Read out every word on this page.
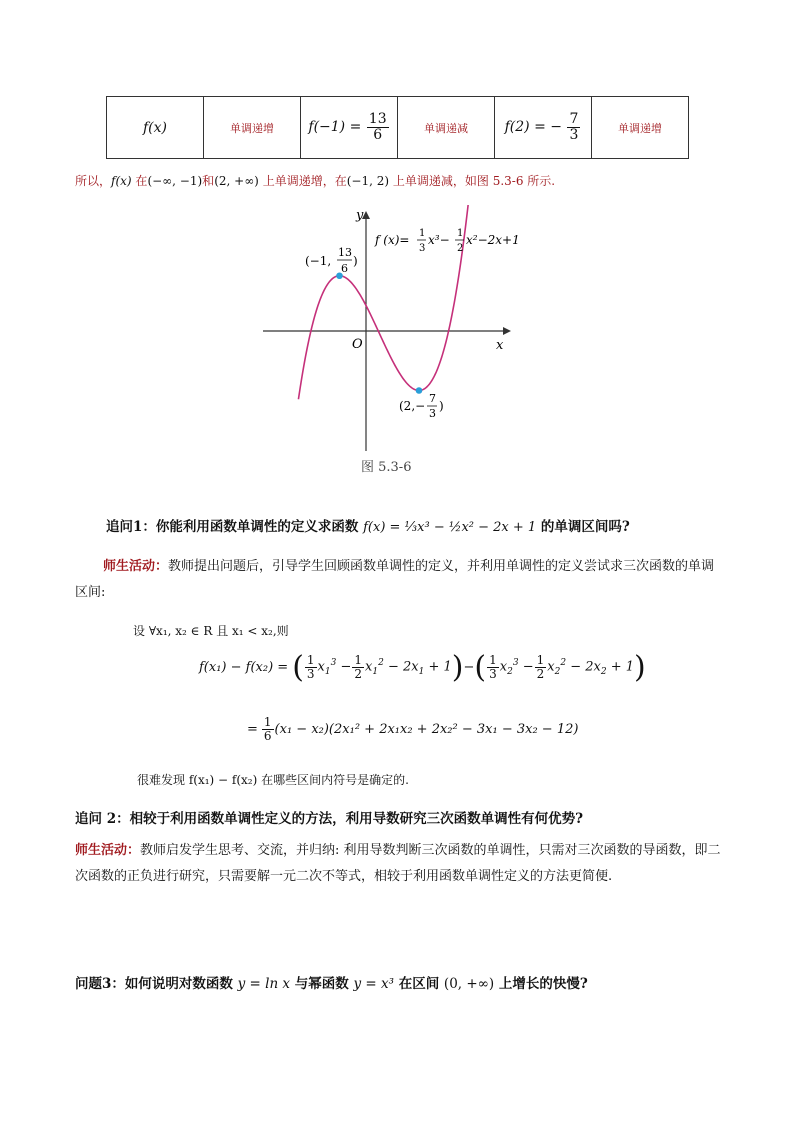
f(x)	单调递增	$f(-1) = \frac{13}{6}$	单调递减	f(2) = − $\frac{7}{3}$	单调递增
所以，f(x) 在(−∞, −1)和(2, +∞) 上单调递增，在(−1, 2) 上单调递减，如图 5.3-6 所示.
y
x
O
f (x)= 1
3
x³− 1
2
x²−2x+1
(−1,
13
6
)
(2,−
7
3
)
图 5.3-6
追问1：你能利用函数单调性的定义求函数 f(x) = ⅓x³ − ½x² − 2x + 1 的单调区间吗?
师生活动：教师提出问题后，引导学生回顾函数单调性的定义，并利用单调性的定义尝试求三次函数的单调区间:
设 ∀x₁, x₂ ∈ R 且 x₁ < x₂,则
f(x₁) − f(x₂) = ( $\frac{1}{3} x_1^3 - \frac{1}{2} x_1^2 - 2x_1 + 1$ ) − ( $\frac{1}{3} x_2^3 - \frac{1}{2} x_2^2 - 2x_2 + 1$ )
= $\frac{1}{6} (x_1 - x_2)(2x_1^2 + 2x_1x_2 + 2x_2^2 - 3x_1 - 3x_2 - 12)$
很难发现 f(x₁) − f(x₂) 在哪些区间内符号是确定的.
追问 2：相较于利用函数单调性定义的方法，利用导数研究三次函数单调性有何优势?
师生活动：教师启发学生思考、交流，并归纳: 利用导数判断三次函数的单调性，只需对三次函数的导函数，即二次函数的正负进行研究，只需要解一元二次不等式，相较于利用函数单调性定义的方法更简便.
问题3：如何说明对数函数 y = ln x 与幂函数 y = x³ 在区间 (0, +∞) 上增长的快慢?
